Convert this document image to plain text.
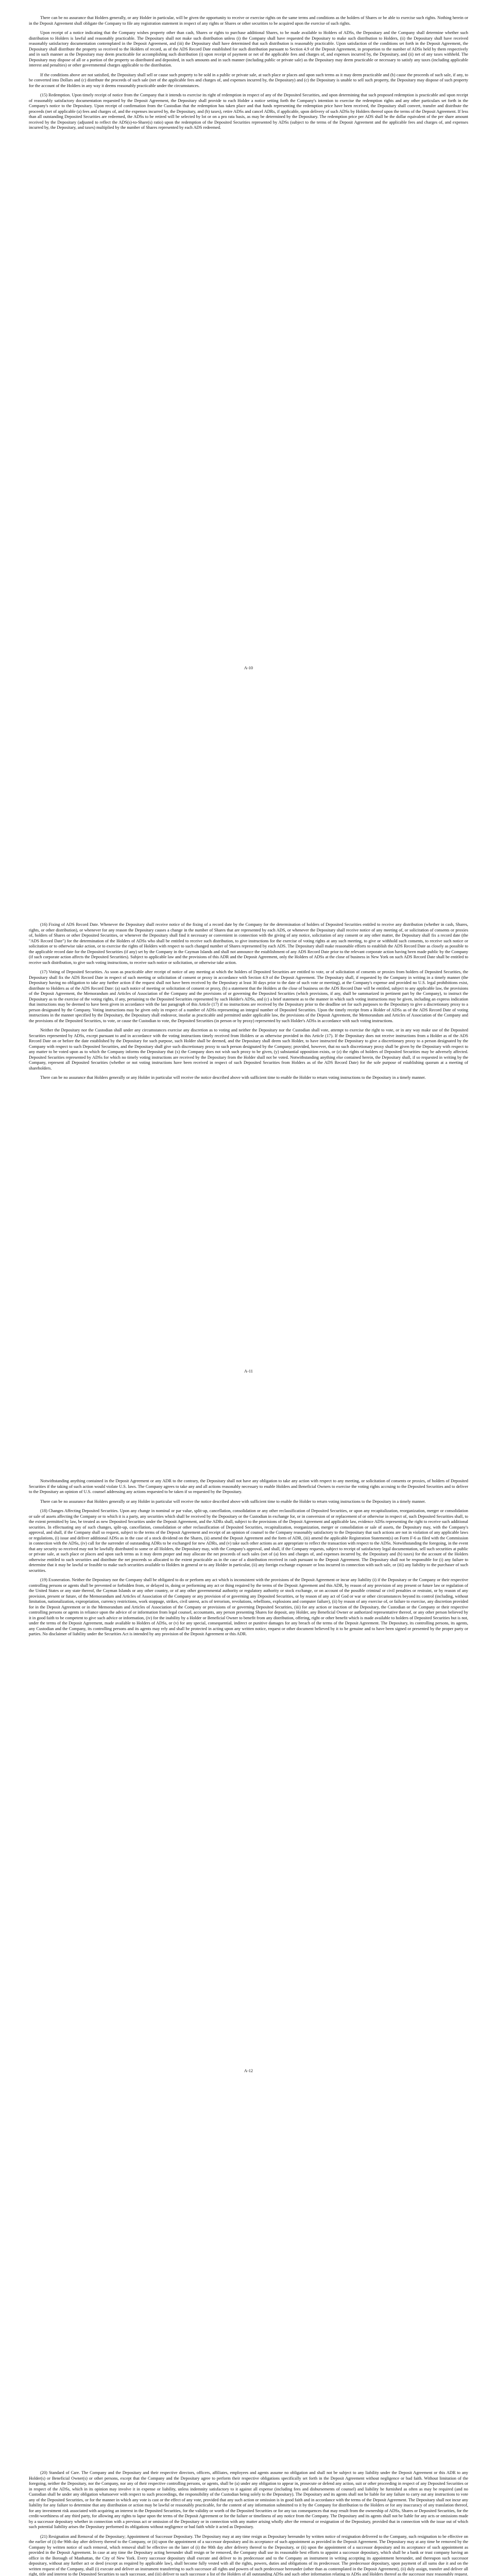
There can be no assurance that Holders generally, or any Holder in particular, will be given the opportunity to receive or exercise rights on the same terms and conditions as the holders of Shares or be able to exercise such rights. Nothing herein or in the Deposit Agreement shall obligate the Company to file any registration statement in respect of any rights or Shares or other securities to be acquired upon the exercise of such rights.

Upon receipt of a notice indicating that the Company wishes property other than cash, Shares or rights to purchase additional Shares, to be made available to Holders of ADSs, the Depositary and the Company shall determine whether such distribution to Holders is lawful and reasonably practicable. The Depositary shall not make such distribution unless (i) the Company shall have requested the Depositary to make such distribution to Holders, (ii) the Depositary shall have received reasonably satisfactory documentation contemplated in the Deposit Agreement, and (iii) the Depositary shall have determined that such distribution is reasonably practicable. Upon satisfaction of the conditions set forth in the Deposit Agreement, the Depositary shall distribute the property so received to the Holders of record, as of the ADS Record Date established for such distribution pursuant to Section 4.9 of the Deposit Agreement, in proportion to the number of ADSs held by them respectively and in such manner as the Depositary may deem practicable for accomplishing such distribution (i) upon receipt of payment or net of the applicable fees and charges of, and expenses incurred by, the Depositary, and (ii) net of any taxes withheld. The Depositary may dispose of all or a portion of the property so distributed and deposited, in such amounts and in such manner (including public or private sale) as the Depositary may deem practicable or necessary to satisfy any taxes (including applicable interest and penalties) or other governmental charges applicable to the distribution.

If the conditions above are not satisfied, the Depositary shall sell or cause such property to be sold in a public or private sale, at such place or places and upon such terms as it may deem practicable and (b) cause the proceeds of such sale, if any, to be converted into Dollars and (c) distribute the proceeds of such sale (net of the applicable fees and charges of, and expenses incurred by, the Depositary) and (c) the Depositary is unable to sell such property, the Depositary may dispose of such property for the account of the Holders in any way it deems reasonably practicable under the circumstances.

(15) Redemption. Upon timely receipt of notice from the Company that it intends to exercise its right of redemption in respect of any of the Deposited Securities, and upon determining that such proposed redemption is practicable and upon receipt of reasonably satisfactory documentation requested by the Deposit Agreement, the Depositary shall provide to each Holder a notice setting forth the Company's intention to exercise the redemption rights and any other particulars set forth in the Company's notice to the Depositary. Upon receipt of confirmation from the Custodian that the redemption has taken place and that funds representing the redemption price have been received, the Depositary shall convert, transfer and distribute the proceeds (net of applicable (a) fees and charges of, and the expenses incurred by, the Depositary, and (b) taxes), retire ADSs and cancel ADRs, if applicable, upon delivery of such ADSs by Holders thereof upon the terms of the Deposit Agreement. If less than all outstanding Deposited Securities are redeemed, the ADSs to be retired will be selected by lot or on a pro rata basis, as may be determined by the Depositary. The redemption price per ADS shall be the dollar equivalent of the per share amount received by the Depositary (adjusted to reflect the ADS(s)-to-Share(s) ratio) upon the redemption of the Deposited Securities represented by ADSs (subject to the terms of the Deposit Agreement and the applicable fees and charges of, and expenses incurred by, the Depositary, and taxes) multiplied by the number of Shares represented by each ADS redeemed.

A-10

(16) Fixing of ADS Record Date. Whenever the Depositary shall receive notice of the fixing of a record date by the Company for the determination of holders of Deposited Securities entitled to receive any distribution (whether in cash, Shares, rights, or other distribution), or whenever for any reason the Depositary causes a change in the number of Shares that are represented by each ADS, or whenever the Depositary shall receive notice of any meeting of, or solicitation of consents or proxies of, holders of Shares or other Deposited Securities, or whenever the Depositary shall find it necessary or convenient in connection with the giving of any notice, solicitation of any consent or any other matter, the Depositary shall fix a record date (the "ADS Record Date") for the determination of the Holders of ADSs who shall be entitled to receive such distribution, to give instructions for the exercise of voting rights at any such meeting, to give or withhold such consents, to receive such notice or solicitation or to otherwise take action, or to exercise the rights of Holders with respect to such changed number of Shares represented by each ADS. The Depositary shall make reasonable efforts to establish the ADS Record Date as closely as possible to the applicable record date for the Deposited Securities (if any) set by the Company in the Cayman Islands and shall not announce the establishment of any ADS Record Date prior to the relevant corporate action having been made public by the Company (if such corporate action affects the Deposited Securities). Subject to applicable law and the provisions of this ADR and the Deposit Agreement, only the Holders of ADSs at the close of business in New York on such ADS Record Date shall be entitled to receive such distribution, to give such voting instructions, to receive such notice or solicitation, or otherwise take action.

(17) Voting of Deposited Securities. As soon as practicable after receipt of notice of any meeting at which the holders of Deposited Securities are entitled to vote, or of solicitation of consents or proxies from holders of Deposited Securities, the Depositary shall fix the ADS Record Date in respect of such meeting or solicitation of consent or proxy in accordance with Section 4.9 of the Deposit Agreement. The Depositary shall, if requested by the Company in writing in a timely manner (the Depositary having no obligation to take any further action if the request shall not have been received by the Depositary at least 30 days prior to the date of such vote or meeting), at the Company's expense and provided no U.S. legal prohibitions exist, distribute to Holders as of the ADS Record Date: (a) such notice of meeting or solicitation of consent or proxy, (b) a statement that the Holders at the close of business on the ADS Record Date will be entitled, subject to any applicable law, the provisions of the Deposit Agreement, the Memorandum and Articles of Association of the Company and the provisions of or governing the Deposited Securities (which provisions, if any, shall be summarized in pertinent part by the Company), to instruct the Depositary as to the exercise of the voting rights, if any, pertaining to the Deposited Securities represented by such Holder's ADSs, and (c) a brief statement as to the manner in which such voting instructions may be given, including an express indication that instructions may be deemed to have been given in accordance with the last paragraph of this Article (17) if no instructions are received by the Depositary prior to the deadline set for such purposes to the Depositary to give a discretionary proxy to a person designated by the Company. Voting instructions may be given only in respect of a number of ADSs representing an integral number of Deposited Securities. Upon the timely receipt from a Holder of ADSs as of the ADS Record Date of voting instructions in the manner specified by the Depositary, the Depositary shall endeavor, insofar as practicable and permitted under applicable law, the provisions of the Deposit Agreement, the Memorandum and Articles of Association of the Company and the provisions of the Deposited Securities, to vote, or cause the Custodian to vote, the Deposited Securities (in person or by proxy) represented by such Holder's ADSs in accordance with such voting instructions.

Neither the Depositary nor the Custodian shall under any circumstances exercise any discretion as to voting and neither the Depositary nor the Custodian shall vote, attempt to exercise the right to vote, or in any way make use of the Deposited Securities represented by ADSs, except pursuant to and in accordance with the voting instructions timely received from Holders or as otherwise provided in this Article (17). If the Depositary does not receive instructions from a Holder as of the ADS Record Date on or before the date established by the Depositary for such purpose, such Holder shall be deemed, and the Depositary shall deem such Holder, to have instructed the Depositary to give a discretionary proxy to a person designated by the Company with respect to such Deposited Securities, and the Depositary shall give such discretionary proxy to such person designated by the Company; provided, however, that no such discretionary proxy shall be given by the Depositary with respect to any matter to be voted upon as to which the Company informs the Depositary that (x) the Company does not wish such proxy to be given, (y) substantial opposition exists, or (z) the rights of holders of Deposited Securities may be adversely affected. Deposited Securities represented by ADSs for which no timely voting instructions are received by the Depositary from the Holder shall not be voted. Notwithstanding anything else contained herein, the Depositary shall, if so requested in writing by the Company, represent all Deposited Securities (whether or not voting instructions have been received in respect of such Deposited Securities from Holders as of the ADS Record Date) for the sole purpose of establishing quorum at a meeting of shareholders.

There can be no assurance that Holders generally or any Holder in particular will receive the notice described above with sufficient time to enable the Holder to return voting instructions to the Depositary in a timely manner.

A-11

Notwithstanding anything contained in the Deposit Agreement or any ADR to the contrary, the Depositary shall not have any obligation to take any action with respect to any meeting, or solicitation of consents or proxies, of holders of Deposited Securities if the taking of such action would violate U.S. laws. The Company agrees to take any and all actions reasonably necessary to enable Holders and Beneficial Owners to exercise the voting rights accruing to the Deposited Securities and to deliver to the Depositary an opinion of U.S. counsel addressing any actions requested to be taken if so requested by the Depositary.

There can be no assurance that Holders generally or any Holder in particular will receive the notice described above with sufficient time to enable the Holder to return voting instructions to the Depositary in a timely manner.

(18) Changes Affecting Deposited Securities. Upon any change in nominal or par value, split-up, cancellation, consolidation or any other reclassification of Deposited Securities, or upon any recapitalization, reorganization, merger or consolidation or sale of assets affecting the Company or to which it is a party, any securities which shall be received by the Depositary or the Custodian in exchange for, or in conversion of or replacement of or otherwise in respect of, such Deposited Securities shall, to the extent permitted by law, be treated as new Deposited Securities under the Deposit Agreement, and the ADRs shall, subject to the provisions of the Deposit Agreement and applicable law, evidence ADSs representing the right to receive such additional securities. In effectuating any of such changes, split-up, cancellation, consolidation or other reclassification of Deposited Securities, recapitalization, reorganization, merger or consolidation or sale of assets, the Depositary may, with the Company's approval, and shall, if the Company shall so request, subject to the terms of the Deposit Agreement and receipt of an opinion of counsel to the Company reasonably satisfactory to the Depositary that such actions are not in violation of any applicable laws or regulations, (i) issue and deliver additional ADSs as in the case of a stock dividend on the Shares, (ii) amend the Deposit Agreement and the form of ADR, (iii) amend the applicable Registration Statement(s) on Form F-6 as filed with the Commission in connection with the ADSs, (iv) call for the surrender of outstanding ADRs to be exchanged for new ADRs, and (v) take such other actions as are appropriate to reflect the transaction with respect to the ADSs. Notwithstanding the foregoing, in the event that any security so received may not be lawfully distributed to some or all Holders, the Depositary may, with the Company's approval, and shall, if the Company requests, subject to receipt of satisfactory legal documentation, sell such securities at public or private sale, at such place or places and upon such terms as it may deem proper and may allocate the net proceeds of such sales (net of (a) fees and charges of, and expenses incurred by, the Depositary and (b) taxes) for the account of the Holders otherwise entitled to such securities and distribute the net proceeds so allocated to the extent practicable as in the case of a distribution received in cash pursuant to the Deposit Agreement. The Depositary shall not be responsible for (i) any failure to determine that it may be lawful or feasible to make such securities available to Holders in general or to any Holder in particular, (ii) any foreign exchange exposure or loss incurred in connection with such sale, or (iii) any liability to the purchaser of such securities.

(19) Exoneration. Neither the Depositary nor the Company shall be obligated to do or perform any act which is inconsistent with the provisions of the Deposit Agreement or incur any liability (i) if the Depositary or the Company or their respective controlling persons or agents shall be prevented or forbidden from, or delayed in, doing or performing any act or thing required by the terms of the Deposit Agreement and this ADR, by reason of any provision of any present or future law or regulation of the United States or any state thereof, the Cayman Islands or any other country, or of any other governmental authority or regulatory authority or stock exchange, or on account of the possible criminal or civil penalties or restraint, or by reason of any provision, present or future, of the Memorandum and Articles of Association of the Company or any provision of or governing any Deposited Securities, or by reason of any act of God or war or other circumstances beyond its control (including, without limitation, nationalization, expropriation, currency restrictions, work stoppage, strikes, civil unrest, acts of terrorism, revolutions, rebellions, explosions and computer failure), (ii) by reason of any exercise of, or failure to exercise, any discretion provided for in the Deposit Agreement or in the Memorandum and Articles of Association of the Company or provisions of or governing Deposited Securities, (iii) for any action or inaction of the Depositary, the Custodian or the Company or their respective controlling persons or agents in reliance upon the advice of or information from legal counsel, accountants, any person presenting Shares for deposit, any Holder, any Beneficial Owner or authorized representative thereof, or any other person believed by it in good faith to be competent to give such advice or information, (iv) for the inability by a Holder or Beneficial Owner to benefit from any distribution, offering, right or other benefit which is made available to holders of Deposited Securities but is not, under the terms of the Deposit Agreement, made available to Holders of ADSs, or (v) for any special, consequential, indirect or punitive damages for any breach of the terms of the Deposit Agreement. The Depositary, its controlling persons, its agents, any Custodian and the Company, its controlling persons and its agents may rely and shall be protected in acting upon any written notice, request or other document believed by it to be genuine and to have been signed or presented by the proper party or parties. No disclaimer of liability under the Securities Act is intended by any provision of the Deposit Agreement or this ADR.

A-12

(20) Standard of Care. The Company and the Depositary and their respective directors, officers, affiliates, employees and agents assume no obligation and shall not be subject to any liability under the Deposit Agreement or this ADR to any Holder(s) or Beneficial Owner(s) or other persons, except that the Company and the Depositary agree to perform their respective obligations specifically set forth in the Deposit Agreement without negligence or bad faith. Without limitation of the foregoing, neither the Depositary, nor the Company, nor any of their respective controlling persons, or agents, shall be (a) under any obligation to appear in, prosecute or defend any action, suit or other proceeding in respect of any Deposited Securities or in respect of the ADSs, which in its opinion may involve it in expense or liability, unless indemnity satisfactory to it against all expense (including fees and disbursements of counsel) and liability be furnished as often as may be required (and no Custodian shall be under any obligation whatsoever with respect to such proceedings, the responsibility of the Custodian being solely to the Depositary). The Depositary and its agents shall not be liable for any failure to carry out any instructions to vote any of the Deposited Securities, or for the manner in which any vote is cast or the effect of any vote, provided that any such action or omission is in good faith and in accordance with the terms of the Deposit Agreement. The Depositary shall not incur any liability for any failure to determine that any distribution or action may be lawful or reasonably practicable, for the content of any information submitted to it by the Company for distribution to the Holders or for any inaccuracy of any translation thereof, for any investment risk associated with acquiring an interest in the Deposited Securities, for the validity or worth of the Deposited Securities or for any tax consequences that may result from the ownership of ADSs, Shares or Deposited Securities, for the credit-worthiness of any third party, for allowing any rights to lapse upon the terms of the Deposit Agreement or for the failure or timeliness of any notice from the Company. The Depositary and its agents shall not be liable for any acts or omissions made by a successor depositary whether in connection with a previous act or omission of the Depositary or in connection with any matter arising wholly after the removal or resignation of the Depositary, provided that in connection with the issue out of which such potential liability arises the Depositary performed its obligations without negligence or bad faith while it acted as Depositary.

(21) Resignation and Removal of the Depositary; Appointment of Successor Depositary. The Depositary may at any time resign as Depositary hereunder by written notice of resignation delivered to the Company, such resignation to be effective on the earlier of (i) the 90th day after delivery thereof to the Company, or (ii) upon the appointment of a successor depositary and its acceptance of such appointment as provided in the Deposit Agreement. The Depositary may at any time be removed by the Company by written notice of such removal, which removal shall be effective on the later of (i) the 90th day after delivery thereof to the Depositary, or (ii) upon the appointment of a successor depositary and its acceptance of such appointment as provided in the Deposit Agreement. In case at any time the Depositary acting hereunder shall resign or be removed, the Company shall use its reasonable best efforts to appoint a successor depositary, which shall be a bank or trust company having an office in the Borough of Manhattan, the City of New York. Every successor depositary shall execute and deliver to its predecessor and to the Company an instrument in writing accepting its appointment hereunder, and thereupon such successor depositary, without any further act or deed (except as required by applicable law), shall become fully vested with all the rights, powers, duties and obligations of its predecessor. The predecessor depositary, upon payment of all sums due it and on the written request of the Company, shall (i) execute and deliver an instrument transferring to such successor all rights and powers of such predecessor hereunder (other than as contemplated in the Deposit Agreement), (ii) duly assign, transfer and deliver all right, title and interest to the Deposited Securities to such successor, and (iii) deliver to such successor a list of the Holders of all outstanding ADSs and such other information relating to ADSs and Holders thereof as the successor may reasonably request.
